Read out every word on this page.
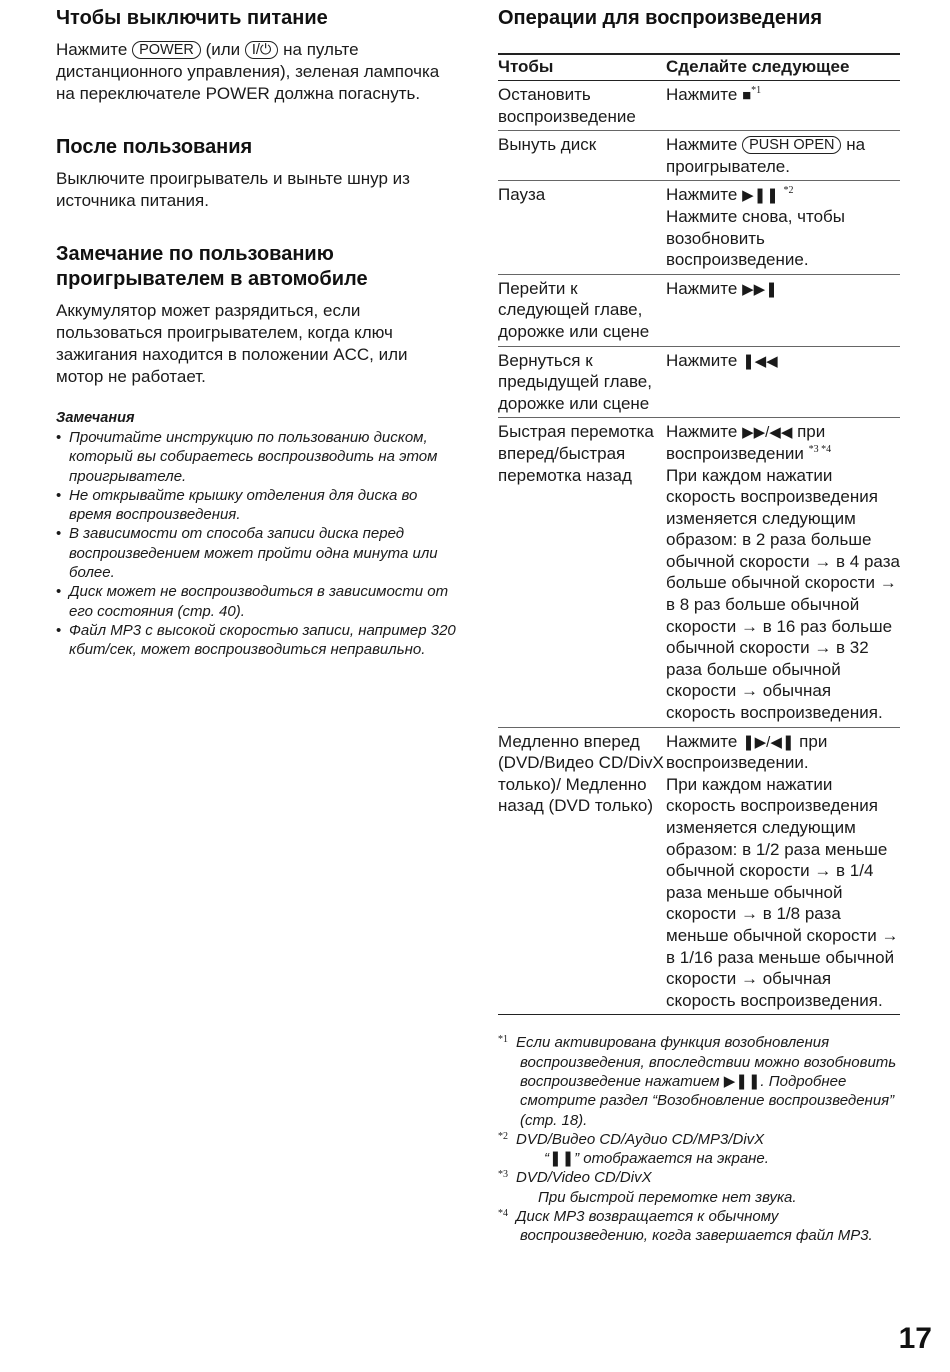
Чтобы выключить питание

Нажмите POWER (или I/⏻ на пульте дистанционного управления), зеленая лампочка на переключателе POWER должна погаснуть.

После пользования

Выключите проигрыватель и выньте шнур из источника питания.

Замечание по пользованию проигрывателем в автомобиле

Аккумулятор может разрядиться, если пользоваться проигрывателем, когда ключ зажигания находится в положении ACC, или мотор не работает.

Замечания
• Прочитайте инструкцию по пользованию диском, который вы собираетесь воспроизводить на этом проигрывателе.
• Не открывайте крышку отделения для диска во время воспроизведения.
• В зависимости от способа записи диска перед воспроизведением может пройти одна минута или более.
• Диск может не воспроизводиться в зависимости от его состояния (стр. 40).
• Файл MP3 с высокой скоростью записи, например 320 кбит/сек, может воспроизводиться неправильно.
Операции для воспроизведения
Чтобы	Сделайте следующее
Остановить воспроизведение	Нажмите ■$^{*1}$
Вынуть диск	Нажмите PUSH OPEN на проигрывателе.
Пауза	Нажмите ▶❚❚ $^{*2}$
Нажмите снова, чтобы возобновить воспроизведение.
Перейти к следующей главе, дорожке или сцене	Нажмите ▶▶❚
Вернуться к предыдущей главе, дорожке или сцене	Нажмите ❚◀◀
Быстрая перемотка вперед/быстрая перемотка назад	Нажмите ▶▶/◀◀ при воспроизведении $^{*3 *4}$
При каждом нажатии скорость воспроизведения изменяется следующим образом: в 2 раза больше обычной скорости → в 4 раза больше обычной скорости → в 8 раз больше обычной скорости → в 16 раз больше обычной скорости → в 32 раза больше обычной скорости → обычная скорость воспроизведения.
Медленно вперед (DVD/Видео CD/DivX только)/ Медленно назад (DVD только)	Нажмите ❚▶/◀❚ при воспроизведении.
При каждом нажатии скорость воспроизведения изменяется следующим образом: в 1/2 раза меньше обычной скорости → в 1/4 раза меньше обычной скорости → в 1/8 раза меньше обычной скорости → в 1/16 раза меньше обычной скорости → обычная скорость воспроизведения.
*1 Если активирована функция возобновления
воспроизведения, впоследствии можно возобновить воспроизведение нажатием ▶❚❚. Подробнее смотрите раздел “Возобновление воспроизведения” (стр. 18).
*2 DVD/Видео CD/Аудио CD/MP3/DivX
“❚❚” отображается на экране.
*3 DVD/Video CD/DivX
При быстрой перемотке нет звука.
*4 Диск MP3 возвращается к обычному
воспроизведению, когда завершается файл MP3.
17
